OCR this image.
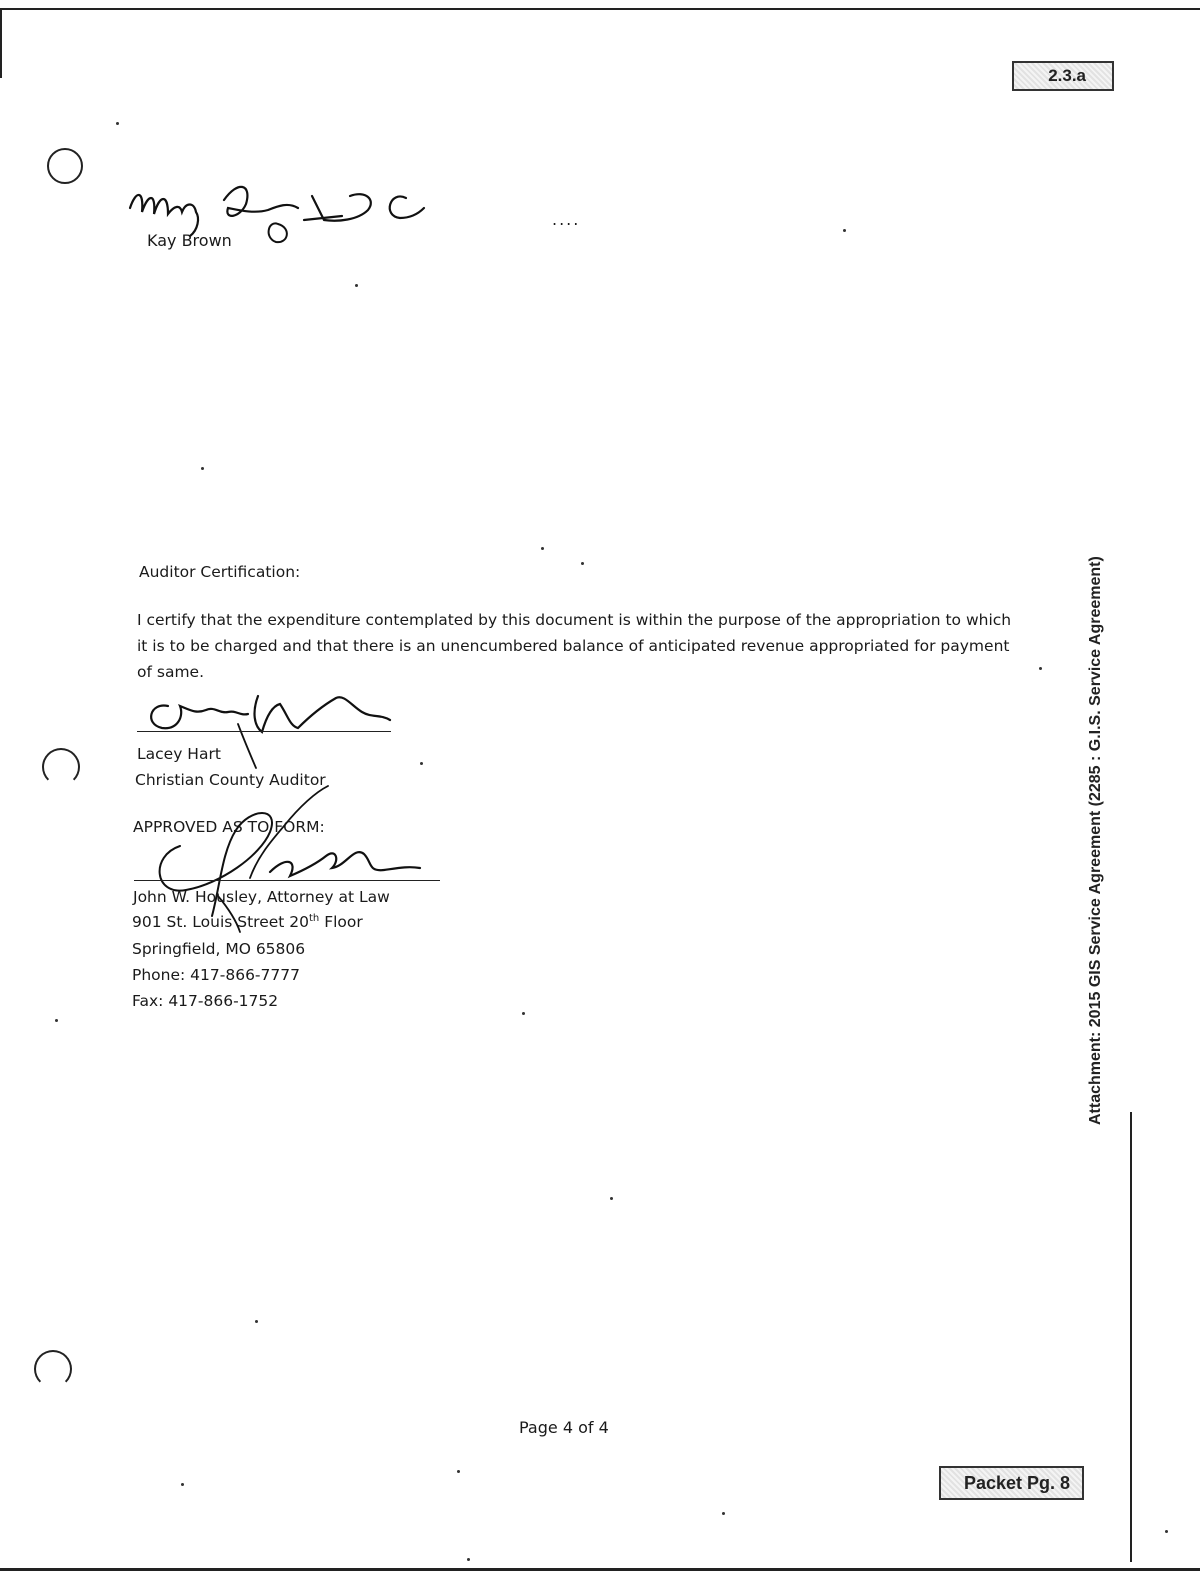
2.3.a
Packet Pg. 8
Attachment: 2015 GIS Service Agreement (2285 : G.I.S. Service Agreement)
Kay Brown
....
Auditor Certification:
I certify that the expenditure contemplated by this document is within the purpose of the appropriation to which it is to be charged and that there is an unencumbered balance of anticipated revenue appropriated for payment of same.
Lacey Hart
Christian County Auditor
APPROVED AS TO FORM:
John W. Housley, Attorney at Law
901 St. Louis Street 20th Floor
Springfield, MO 65806
Phone: 417-866-7777
Fax: 417-866-1752
Page 4 of 4
